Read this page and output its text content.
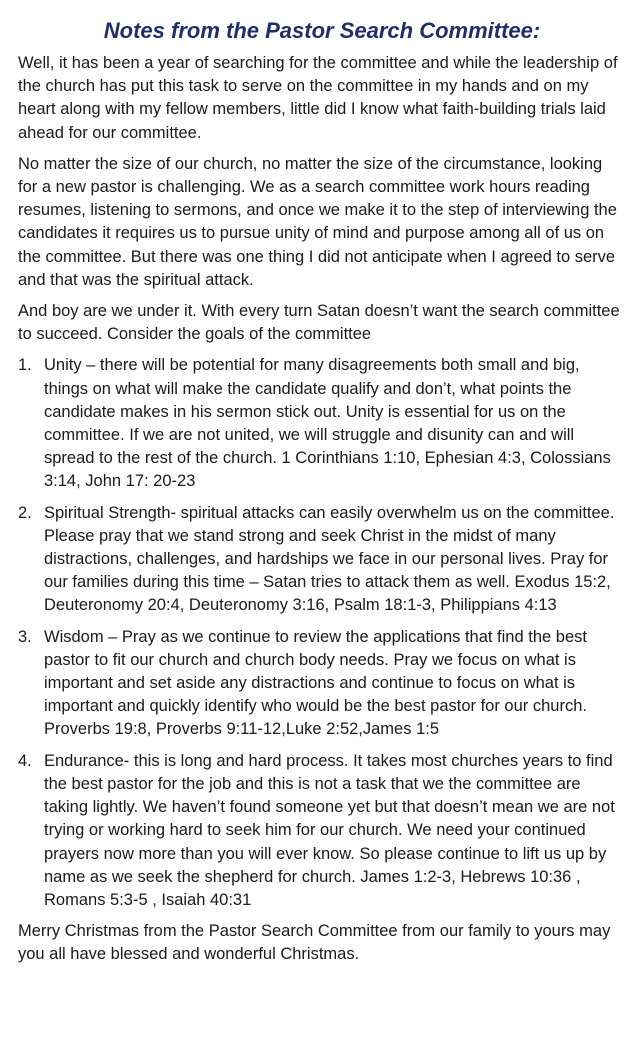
Notes from the Pastor Search Committee:

Well, it has been a year of searching for the committee and while the leadership of the church has put this task to serve on the committee in my hands and on my heart along with my fellow members, little did I know what faith-building trials laid ahead for our committee.

No matter the size of our church, no matter the size of the circumstance, looking for a new pastor is challenging. We as a search committee work hours reading resumes, listening to sermons, and once we make it to the step of interviewing the candidates it requires us to pursue unity of mind and purpose among all of us on the committee. But there was one thing I did not anticipate when I agreed to serve and that was the spiritual attack.

And boy are we under it. With every turn Satan doesn’t want the search committee to succeed. Consider the goals of the committee

1. Unity – there will be potential for many disagreements both small and big, things on what will make the candidate qualify and don’t, what points the candidate makes in his sermon stick out. Unity is essential for us on the committee. If we are not united, we will struggle and disunity can and will spread to the rest of the church. 1 Corinthians 1:10, Ephesian 4:3, Colossians 3:14, John 17: 20-23
2. Spiritual Strength- spiritual attacks can easily overwhelm us on the committee. Please pray that we stand strong and seek Christ in the midst of many distractions, challenges, and hardships we face in our personal lives. Pray for our families during this time – Satan tries to attack them as well. Exodus 15:2, Deuteronomy 20:4, Deuteronomy 3:16, Psalm 18:1-3, Philippians 4:13
3. Wisdom – Pray as we continue to review the applications that find the best pastor to fit our church and church body needs. Pray we focus on what is important and set aside any distractions and continue to focus on what is important and quickly identify who would be the best pastor for our church. Proverbs 19:8, Proverbs 9:11-12,Luke 2:52,James 1:5
4. Endurance- this is long and hard process. It takes most churches years to find the best pastor for the job and this is not a task that we the committee are taking lightly. We haven’t found someone yet but that doesn’t mean we are not trying or working hard to seek him for our church. We need your continued prayers now more than you will ever know. So please continue to lift us up by name as we seek the shepherd for church. James 1:2-3, Hebrews 10:36 , Romans 5:3-5 , Isaiah 40:31

Merry Christmas from the Pastor Search Committee from our family to yours may you all have blessed and wonderful Christmas.
